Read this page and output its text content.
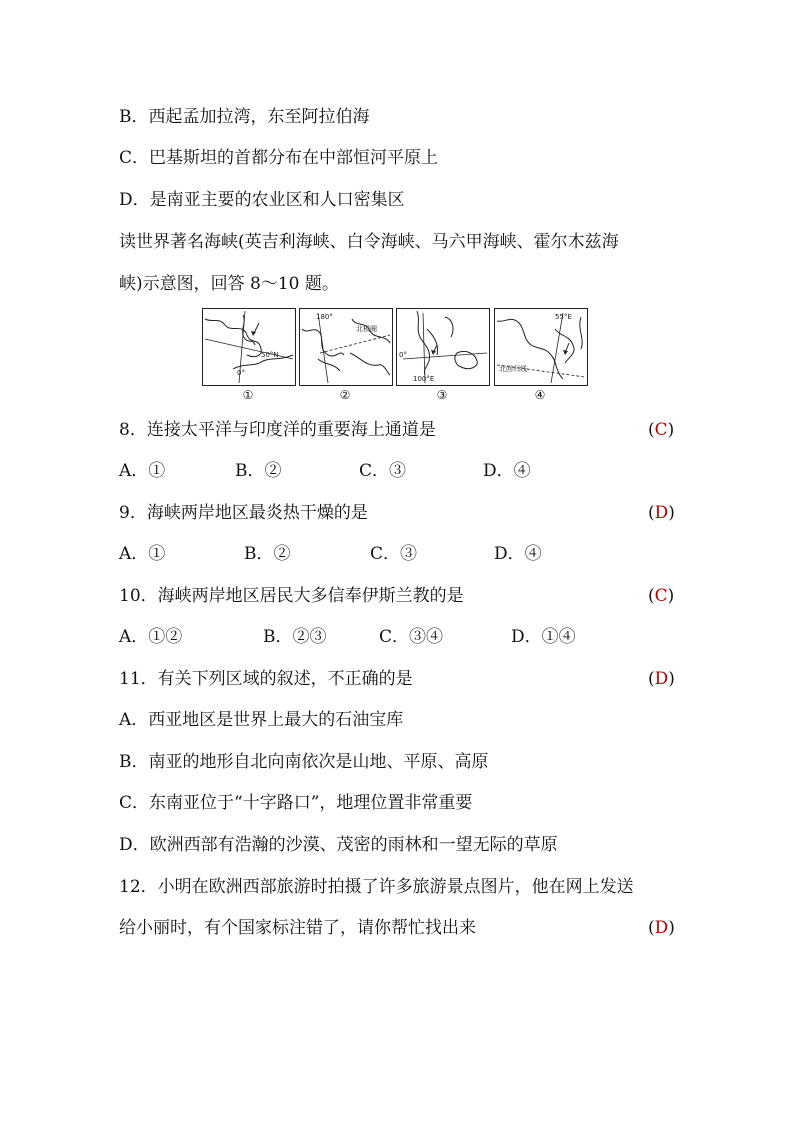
B．西起孟加拉湾，东至阿拉伯海
C．巴基斯坦的首都分布在中部恒河平原上
D．是南亚主要的农业区和人口密集区
读世界著名海峡(英吉利海峡、白令海峡、马六甲海峡、霍尔木兹海
峡)示意图，回答 8～10 题。
50°N
0°
180°
北极圈
0°
100°E
55°E
北回归线
①	②	③	④
8．连接太平洋与印度洋的重要海上通道是	(C)
A．①	B．②	C．③	D．④
9．海峡两岸地区最炎热干燥的是	(D)
A．①	B．②	C．③	D．④
10．海峡两岸地区居民大多信奉伊斯兰教的是	(C)
A．①②	B．②③	C．③④	D．①④
11．有关下列区域的叙述，不正确的是	(D)
A．西亚地区是世界上最大的石油宝库
B．南亚的地形自北向南依次是山地、平原、高原
C．东南亚位于“十字路口”，地理位置非常重要
D．欧洲西部有浩瀚的沙漠、茂密的雨林和一望无际的草原
12．小明在欧洲西部旅游时拍摄了许多旅游景点图片，他在网上发送
给小丽时，有个国家标注错了，请你帮忙找出来	(D)
